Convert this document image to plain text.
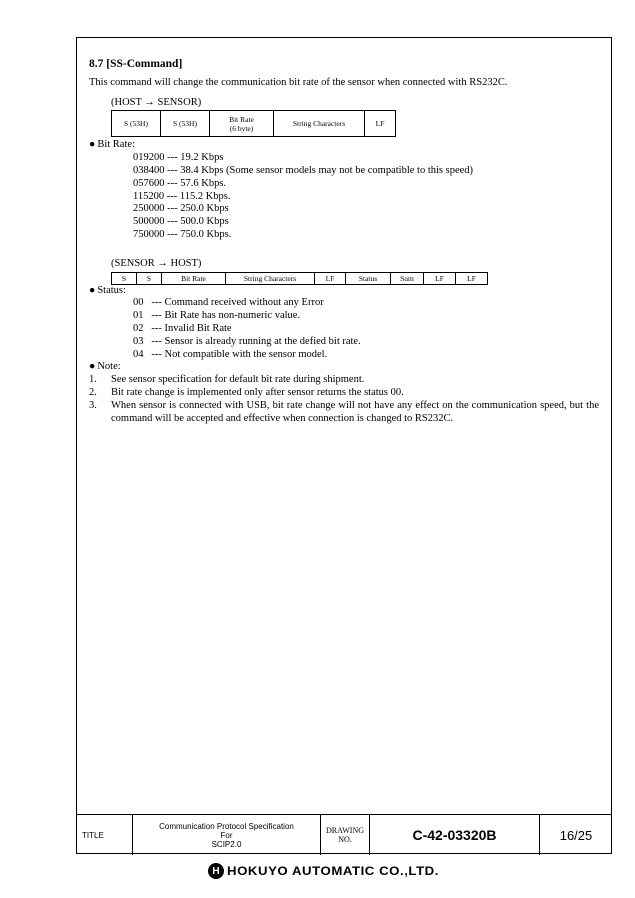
8.7 [SS-Command]

This command will change the communication bit rate of the sensor when connected with RS232C.

(HOST → SENSOR)
S (53H)	S (53H)	Bit Rate
(6 byte)	String Characters	LF
● Bit Rate:
019200 --- 19.2 Kbps
038400 --- 38.4 Kbps (Some sensor models may not be compatible to this speed)
057600 --- 57.6 Kbps.
115200 --- 115.2 Kbps.
250000 --- 250.0 Kbps
500000 --- 500.0 Kbps
750000 --- 750.0 Kbps.
(SENSOR → HOST)
S	S	Bit Rate	String Characters	LF	Status	Sum	LF	LF
● Status:
00 --- Command received without any Error
01 --- Bit Rate has non-numeric value.
02 --- Invalid Bit Rate
03 --- Sensor is already running at the defied bit rate.
04 --- Not compatible with the sensor model.
● Note:
1.	See sensor specification for default bit rate during shipment.
2.	Bit rate change is implemented only after sensor returns the status 00.
3.	When sensor is connected with USB, bit rate change will not have any effect on the communication speed, but the command will be accepted and effective when connection is changed to RS232C.
TITLE
Communication Protocol Specification
For
SCIP2.0
DRAWING
NO.	C-42-03320B	16/25
H HOKUYO AUTOMATIC CO.,LTD.
